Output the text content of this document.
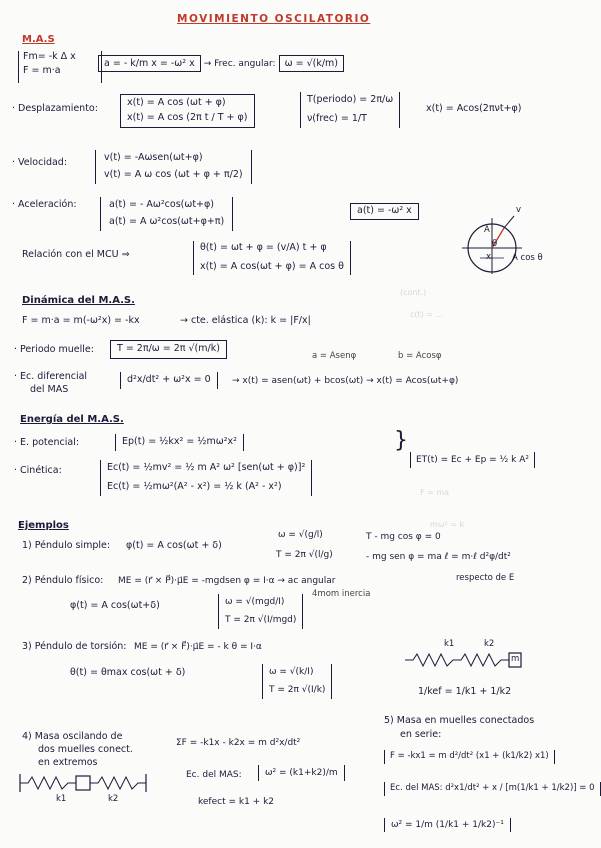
MOVIMIENTO OSCILATORIO
M.A.S
Fm= -k Δ x
F = m·a
a = - k/m x = -ω² x → Frec. angular: ω = √(k/m)
· Desplazamiento:
x(t) = A cos (ωt + φ)
x(t) = A cos (2π t / T + φ)
T(periodo) = 2π/ω
ν(frec) = 1/T
x(t) = Acos(2πνt+φ)
· Velocidad:	v(t) = -Aωsen(ωt+φ)
v(t) = A ω cos (ωt + φ + π/2)
· Aceleración:	a(t) = - Aω²cos(ωt+φ)
a(t) = A ω²cos(ωt+φ+π)
a(t) = -ω² x
Relación con el MCU ⇒
θ(t) = ωt + φ = (v/A) t + φ
x(t) = A cos(ωt + φ) = A cos θ
θ
A
v
x A cos θ
(cont.)
c(t) = ...
F = ma
mω² = k
Dinámica del M.A.S.
F = m·a = m(-ω²x) = -kx	→ cte. elástica (k): k = |F/x|
· Periodo muelle:	T = 2π/ω = 2π √(m/k)
· Ec. diferencial
del MAS
d²x/dt² + ω²x = 0
a = Asenφ	b = Acosφ
→ x(t) = asen(ωt) + bcos(ωt) → x(t) = Acos(ωt+φ)
Energía del M.A.S.
· E. potencial:	Ep(t) = ½kx² = ½mω²x²
· Cinética:	Ec(t) = ½mv² = ½ m A² ω² [sen(ωt + φ)]²
Ec(t) = ½mω²(A² - x²) = ½ k (A² - x²)
}
ET(t) = Ec + Ep = ½ k A²
Ejemplos
1) Péndulo simple: φ(t) = A cos(ωt + δ)
ω = √(g/l)
T = 2π √(l/g)
T - mg cos φ = 0
- mg sen φ = ma ℓ = m·ℓ d²φ/dt²
2) Péndulo físico: ME = (r⃗ × P⃗)·μ⃗E = -mgdsen φ = I·α → ac angular	respecto de E
4mom inercia
φ(t) = A cos(ωt+δ)	ω = √(mgd/I)
T = 2π √(I/mgd)
3) Péndulo de torsión: ME = (r⃗ × F⃗)·μ⃗E = - k θ = I·α
θ(t) = θmax cos(ωt + δ)	ω = √(k/I)
T = 2π √(I/k)
k1	k2
m
1/kef = 1/k1 + 1/k2
4) Masa oscilando de
dos muelles conect.
en extremos
ΣF = -k1x - k2x = m d²x/dt²
Ec. del MAS:	ω² = (k1+k2)/m
kefect = k1 + k2
k1	k2
5) Masa en muelles conectados
en serie:
F = -kx1 = m d²/dt² (x1 + (k1/k2) x1)
Ec. del MAS: d²x1/dt² + x / [m(1/k1 + 1/k2)] = 0
ω² = 1/m (1/k1 + 1/k2)⁻¹
